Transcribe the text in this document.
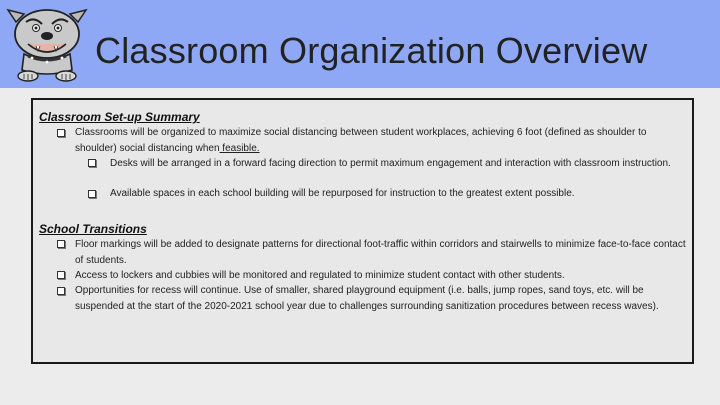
Classroom Organization Overview
Classroom Set-up Summary
Classrooms will be organized to maximize social distancing between student workplaces, achieving 6 foot (defined as shoulder to shoulder) social distancing when feasible.
Desks will be arranged in a forward facing direction to permit maximum engagement and interaction with classroom instruction.
Available spaces in each school building will be repurposed for instruction to the greatest extent possible.
School Transitions
Floor markings will be added to designate patterns for directional foot-traffic within corridors and stairwells to minimize face-to-face contact of students.
Access to lockers and cubbies will be monitored and regulated to minimize student contact with other students.
Opportunities for recess will continue. Use of smaller, shared playground equipment (i.e. balls, jump ropes, sand toys, etc. will be suspended at the start of the 2020-2021 school year due to challenges surrounding sanitization procedures between recess waves).
